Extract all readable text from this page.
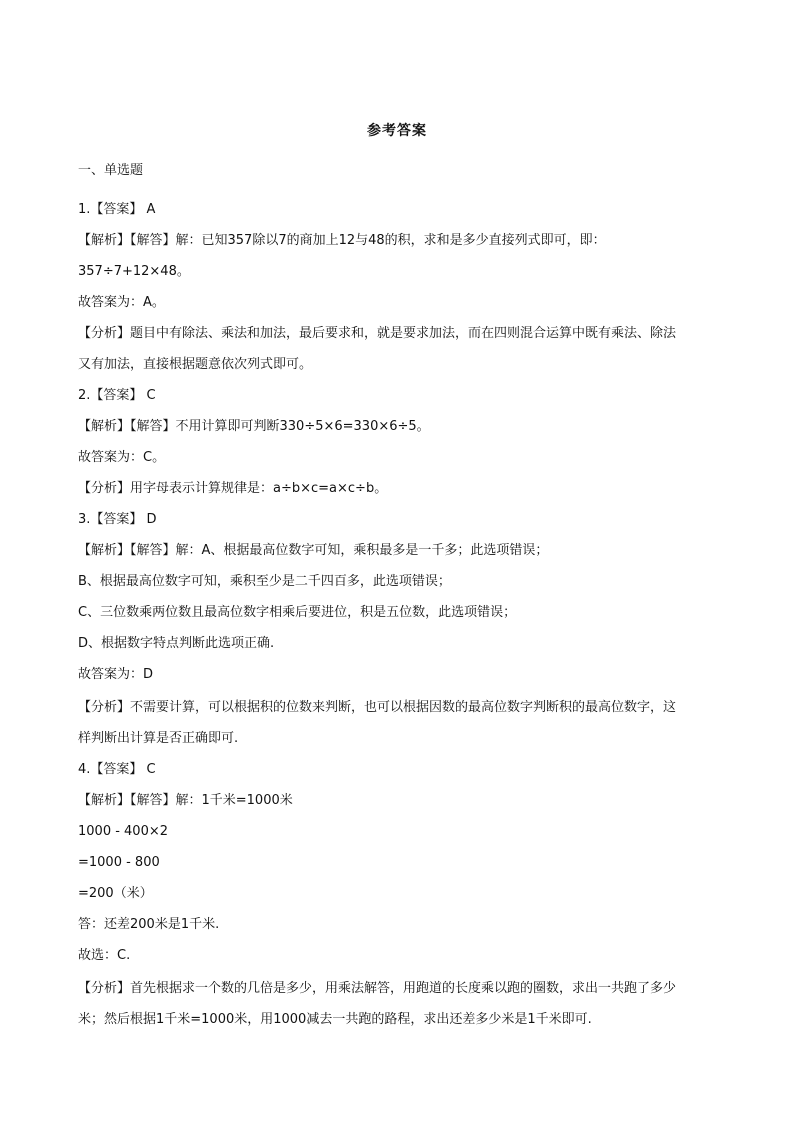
参考答案
一、单选题
1.【答案】 A
【解析】【解答】解：已知357除以7的商加上12与48的积，求和是多少直接列式即可，即：
357÷7+12×48。
故答案为：A。
【分析】题目中有除法、乘法和加法，最后要求和，就是要求加法，而在四则混合运算中既有乘法、除法
又有加法，直接根据题意依次列式即可。
2.【答案】 C
【解析】【解答】不用计算即可判断330÷5×6=330×6÷5。
故答案为：C。
【分析】用字母表示计算规律是：a÷b×c=a×c÷b。
3.【答案】 D
【解析】【解答】解：A、根据最高位数字可知，乘积最多是一千多；此选项错误；
B、根据最高位数字可知，乘积至少是二千四百多，此选项错误；
C、三位数乘两位数且最高位数字相乘后要进位，积是五位数，此选项错误；
D、根据数字特点判断此选项正确.
故答案为：D
【分析】不需要计算，可以根据积的位数来判断，也可以根据因数的最高位数字判断积的最高位数字，这
样判断出计算是否正确即可.
4.【答案】 C
【解析】【解答】解：1千米=1000米
1000 - 400×2
=1000 - 800
=200（米）
答：还差200米是1千米.
故选：C.
【分析】首先根据求一个数的几倍是多少，用乘法解答，用跑道的长度乘以跑的圈数，求出一共跑了多少
米；然后根据1千米=1000米，用1000减去一共跑的路程，求出还差多少米是1千米即可.
